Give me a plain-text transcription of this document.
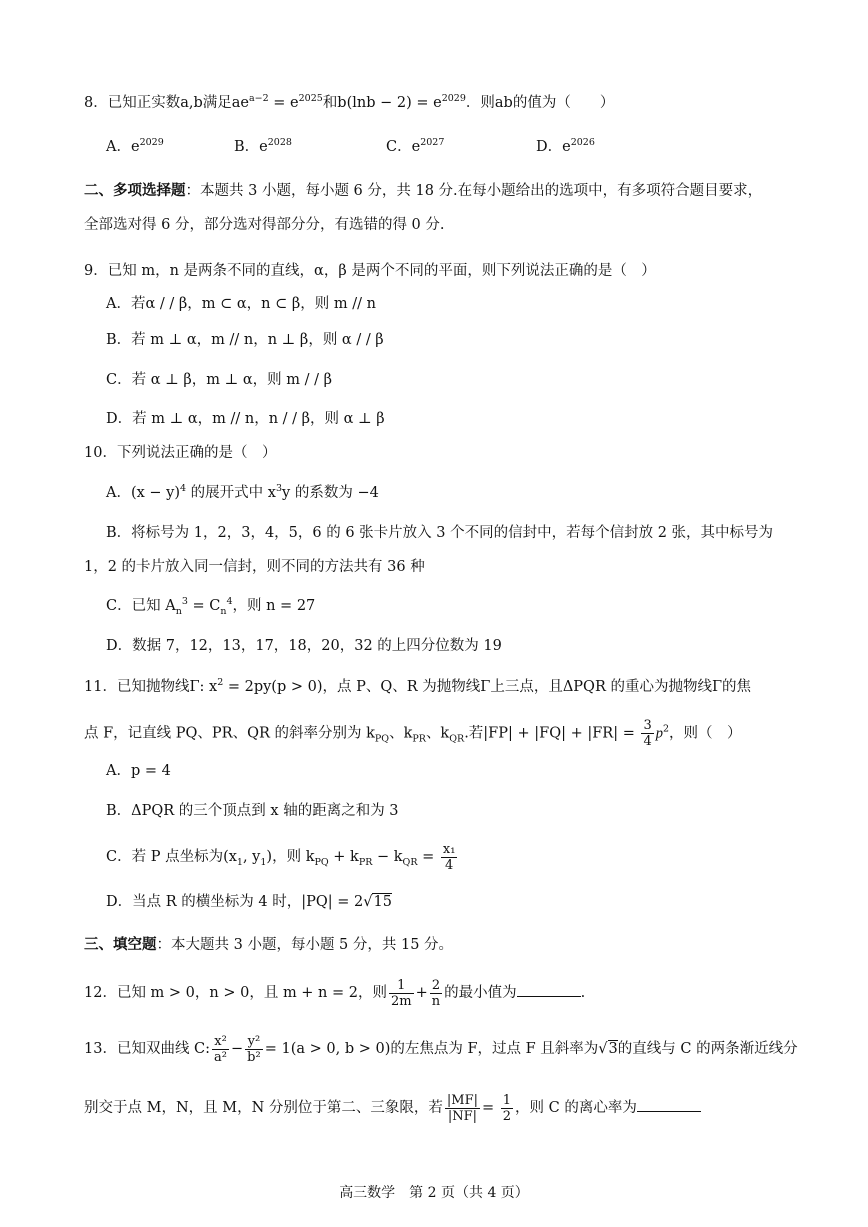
8．已知正实数a,b满足$ae^{a-2} = e^{2025}$和$b(\ln b - 2) = e^{2029}$．则ab的值为（　　）
A．$e^{2029}$	B．$e^{2028}$	C．$e^{2027}$	D．$e^{2026}$
二、多项选择题：本题共 3 小题，每小题 6 分，共 18 分.在每小题给出的选项中，有多项符合题目要求，
全部选对得 6 分，部分选对得部分分，有选错的得 0 分.
9．已知 m，n 是两条不同的直线，α，β 是两个不同的平面，则下列说法正确的是（　）
A．若α / / β，m ⊂ α，n ⊂ β，则 m // n
B．若 m ⊥ α，m // n，n ⊥ β，则 α / / β
C．若 α ⊥ β，m ⊥ α，则 m / / β
D．若 m ⊥ α，m // n，n / / β，则 α ⊥ β
10．下列说法正确的是（　）
A．$(x - y)^4$ 的展开式中 $x^3y$ 的系数为 −4
B．将标号为 1，2，3，4，5，6 的 6 张卡片放入 3 个不同的信封中，若每个信封放 2 张，其中标号为
1，2 的卡片放入同一信封，则不同的方法共有 36 种
C．已知 $A_n^3 = C_n^4$，则 n = 27
D．数据 7，12，13，17，18，20，32 的上四分位数为 19
11．已知抛物线Γ: $x^2 = 2py(p > 0)$，点 P、Q、R 为抛物线Γ上三点，且ΔPQR 的重心为抛物线Γ的焦
点 F，记直线 PQ、PR、QR 的斜率分别为 $k_{PQ}$、$k_{PR}$、$k_{QR}$.若$|FP| + |FQ| + |FR| = \frac{3}{4} p^2$，则（　）
A．p = 4
B．ΔPQR 的三个顶点到 x 轴的距离之和为 3
C．若 P 点坐标为($x_1$, $y_1$)，则 $k_{PQ} + k_{PR} - k_{QR} = \frac{\text{x₁}}{4}$
D．当点 R 的横坐标为 4 时，|PQ| = 2√15
三、填空题：本大题共 3 小题，每小题 5 分，共 15 分。
12．已知 m > 0，n > 0，且 m + n = 2，则 $\frac{1}{2m} + \frac{2}{n}$ 的最小值为	.
13．已知双曲线 C: $\frac{\text{x²}}{\text{a²}} - \frac{\text{y²}}{\text{b²}} = 1(a > 0$, b > 0)的左焦点为 F，过点 F 且斜率为√3的直线与 C 的两条渐近线分
别交于点 M，N，且 M，N 分别位于第二、三象限，若 $\frac{|MF|}{|NF|} = \frac{1}{2}$ ，则 C 的离心率为
高三数学　第 2 页（共 4 页）
